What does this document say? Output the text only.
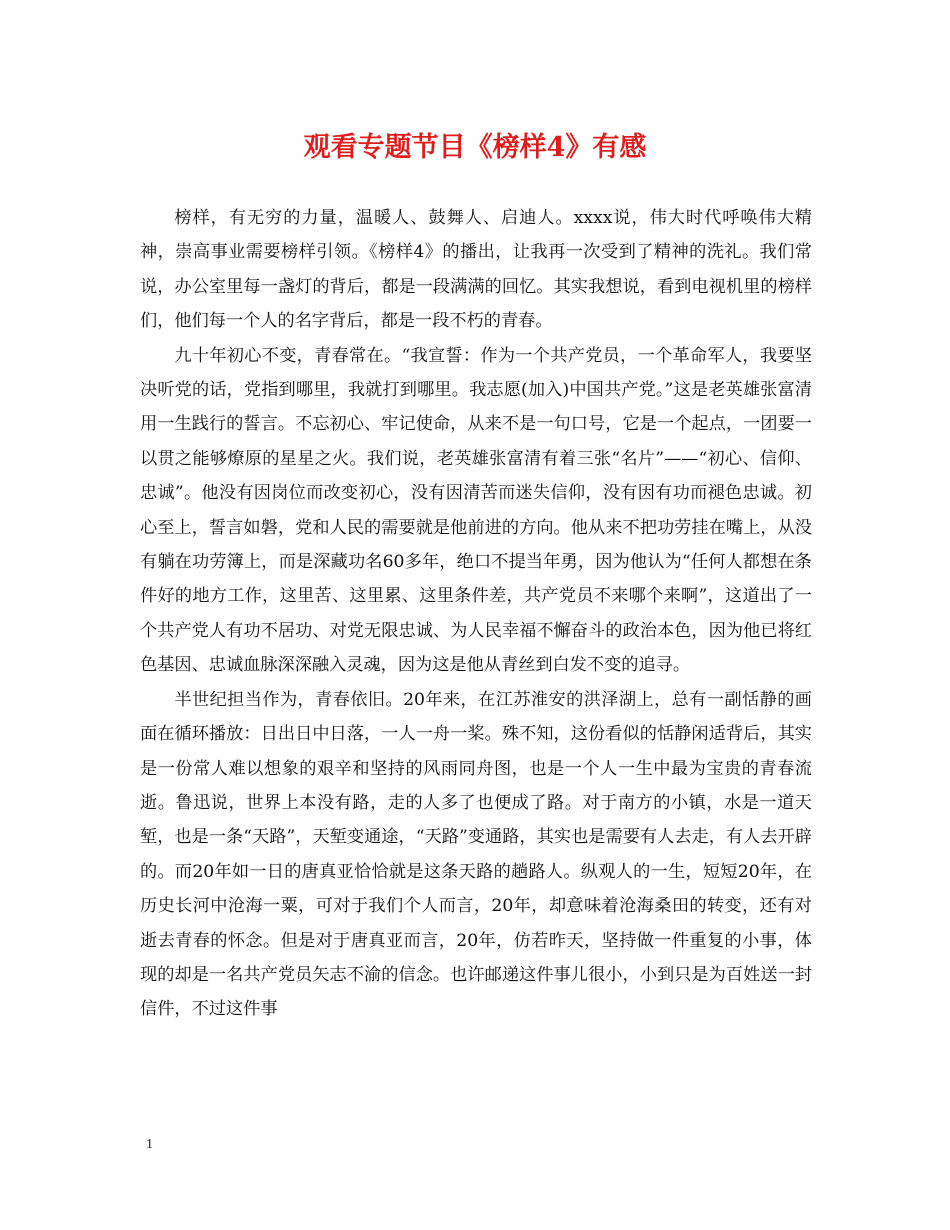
观看专题节目《榜样4》有感

榜样，有无穷的力量，温暖人、鼓舞人、启迪人。xxxx说，伟大时代呼唤伟大精神，崇高事业需要榜样引领。《榜样4》的播出，让我再一次受到了精神的洗礼。我们常说，办公室里每一盏灯的背后，都是一段满满的回忆。其实我想说，看到电视机里的榜样们，他们每一个人的名字背后，都是一段不朽的青春。

九十年初心不变，青春常在。“我宣誓：作为一个共产党员，一个革命军人，我要坚决听党的话，党指到哪里，我就打到哪里。我志愿(加入)中国共产党。”这是老英雄张富清用一生践行的誓言。不忘初心、牢记使命，从来不是一句口号，它是一个起点，一团要一以贯之能够燎原的星星之火。我们说，老英雄张富清有着三张“名片”——“初心、信仰、忠诚”。他没有因岗位而改变初心，没有因清苦而迷失信仰，没有因有功而褪色忠诚。初心至上，誓言如磐，党和人民的需要就是他前进的方向。他从来不把功劳挂在嘴上，从没有躺在功劳簿上，而是深藏功名60多年，绝口不提当年勇，因为他认为“任何人都想在条件好的地方工作，这里苦、这里累、这里条件差，共产党员不来哪个来啊”，这道出了一个共产党人有功不居功、对党无限忠诚、为人民幸福不懈奋斗的政治本色，因为他已将红色基因、忠诚血脉深深融入灵魂，因为这是他从青丝到白发不变的追寻。

半世纪担当作为，青春依旧。20年来，在江苏淮安的洪泽湖上，总有一副恬静的画面在循环播放：日出日中日落，一人一舟一桨。殊不知，这份看似的恬静闲适背后，其实是一份常人难以想象的艰辛和坚持的风雨同舟图，也是一个人一生中最为宝贵的青春流逝。鲁迅说，世界上本没有路，走的人多了也便成了路。对于南方的小镇，水是一道天堑，也是一条“天路”，天堑变通途，“天路”变通路，其实也是需要有人去走，有人去开辟的。而20年如一日的唐真亚恰恰就是这条天路的趟路人。纵观人的一生，短短20年，在历史长河中沧海一粟，可对于我们个人而言，20年，却意味着沧海桑田的转变，还有对逝去青春的怀念。但是对于唐真亚而言，20年，仿若昨天，坚持做一件重复的小事，体现的却是一名共产党员矢志不渝的信念。也许邮递这件事儿很小，小到只是为百姓送一封信件，不过这件事

1
